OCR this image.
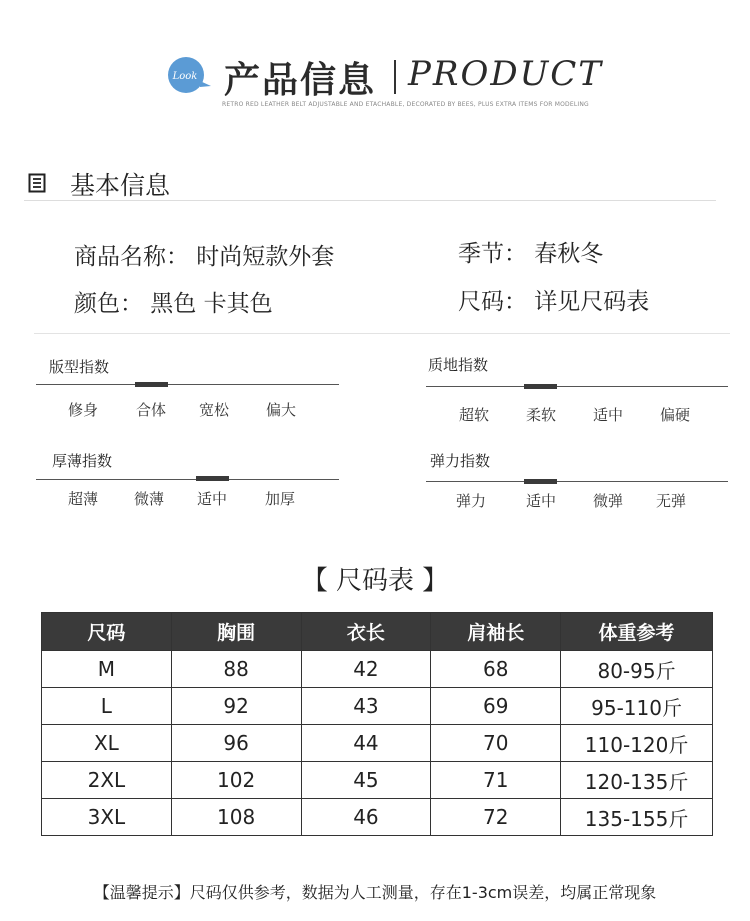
Look 产品信息 PRODUCT
RETRO RED LEATHER BELT ADJUSTABLE AND ETACHABLE, DECORATED BY BEES, PLUS EXTRA ITEMS FOR MODELING
基本信息
商品名称： 时尚短款外套	季节： 春秋冬
颜色： 黑色 卡其色	尺码： 详见尺码表
版型指数
修身	合体 宽松 偏大
质地指数
超软 柔软 适中 偏硬
厚薄指数
超薄 微薄 适中	加厚
弹力指数
弹力	适中 微弹 无弹
【 尺码表 】
尺码	胸围	衣长	肩袖长	体重参考
M	88	42	68	80-95斤
L	92	43	69	95-110斤
XL	96	44	70	110-120斤
2XL	102	45	71	120-135斤
3XL	108	46	72	135-155斤
【温馨提示】尺码仅供参考，数据为人工测量，存在1-3cm误差，均属正常现象
